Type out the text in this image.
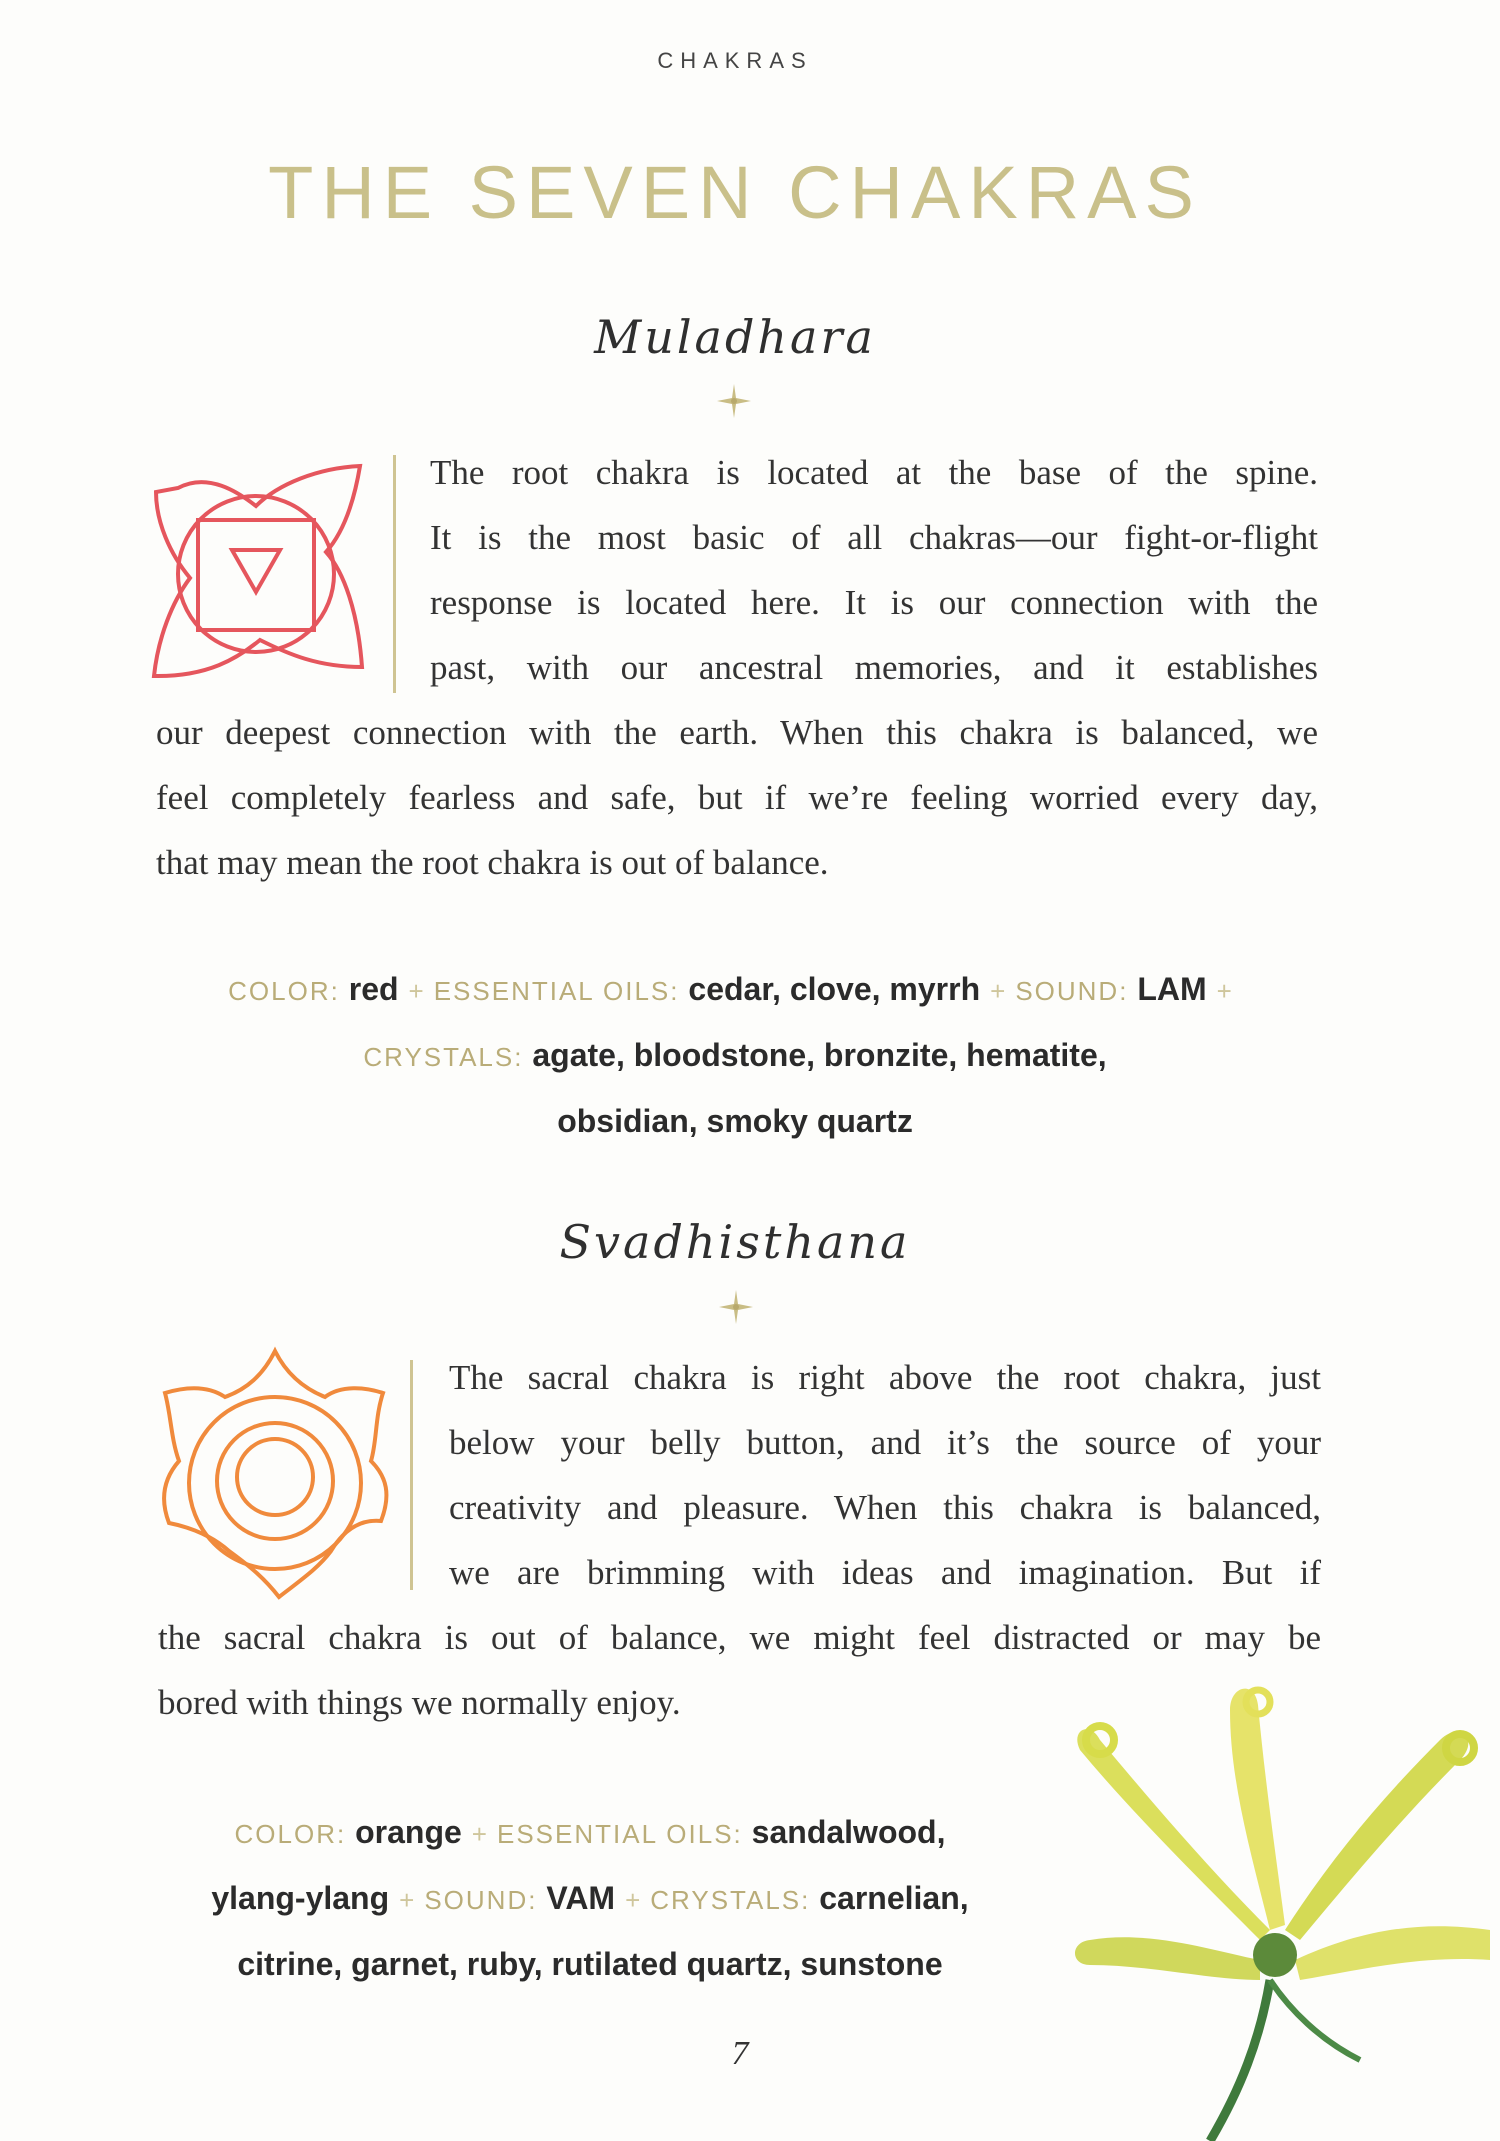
CHAKRAS
THE SEVEN CHAKRAS
Muladhara
The root chakra is located at the base of the spine.
It is the most basic of all chakras—our fight-or-flight
response is located here. It is our connection with the
past, with our ancestral memories, and it establishes
our deepest connection with the earth. When this chakra is balanced, we
feel completely fearless and safe, but if we’re feeling worried every day,
that may mean the root chakra is out of balance.
COLOR: red + ESSENTIAL OILS: cedar, clove, myrrh + SOUND: LAM +
CRYSTALS: agate, bloodstone, bronzite, hematite,
obsidian, smoky quartz
Svadhisthana
The sacral chakra is right above the root chakra, just
below your belly button, and it’s the source of your
creativity and pleasure. When this chakra is balanced,
we are brimming with ideas and imagination. But if
the sacral chakra is out of balance, we might feel distracted or may be
bored with things we normally enjoy.
COLOR: orange + ESSENTIAL OILS: sandalwood,
ylang-ylang + SOUND: VAM + CRYSTALS: carnelian,
citrine, garnet, ruby, rutilated quartz, sunstone
7
